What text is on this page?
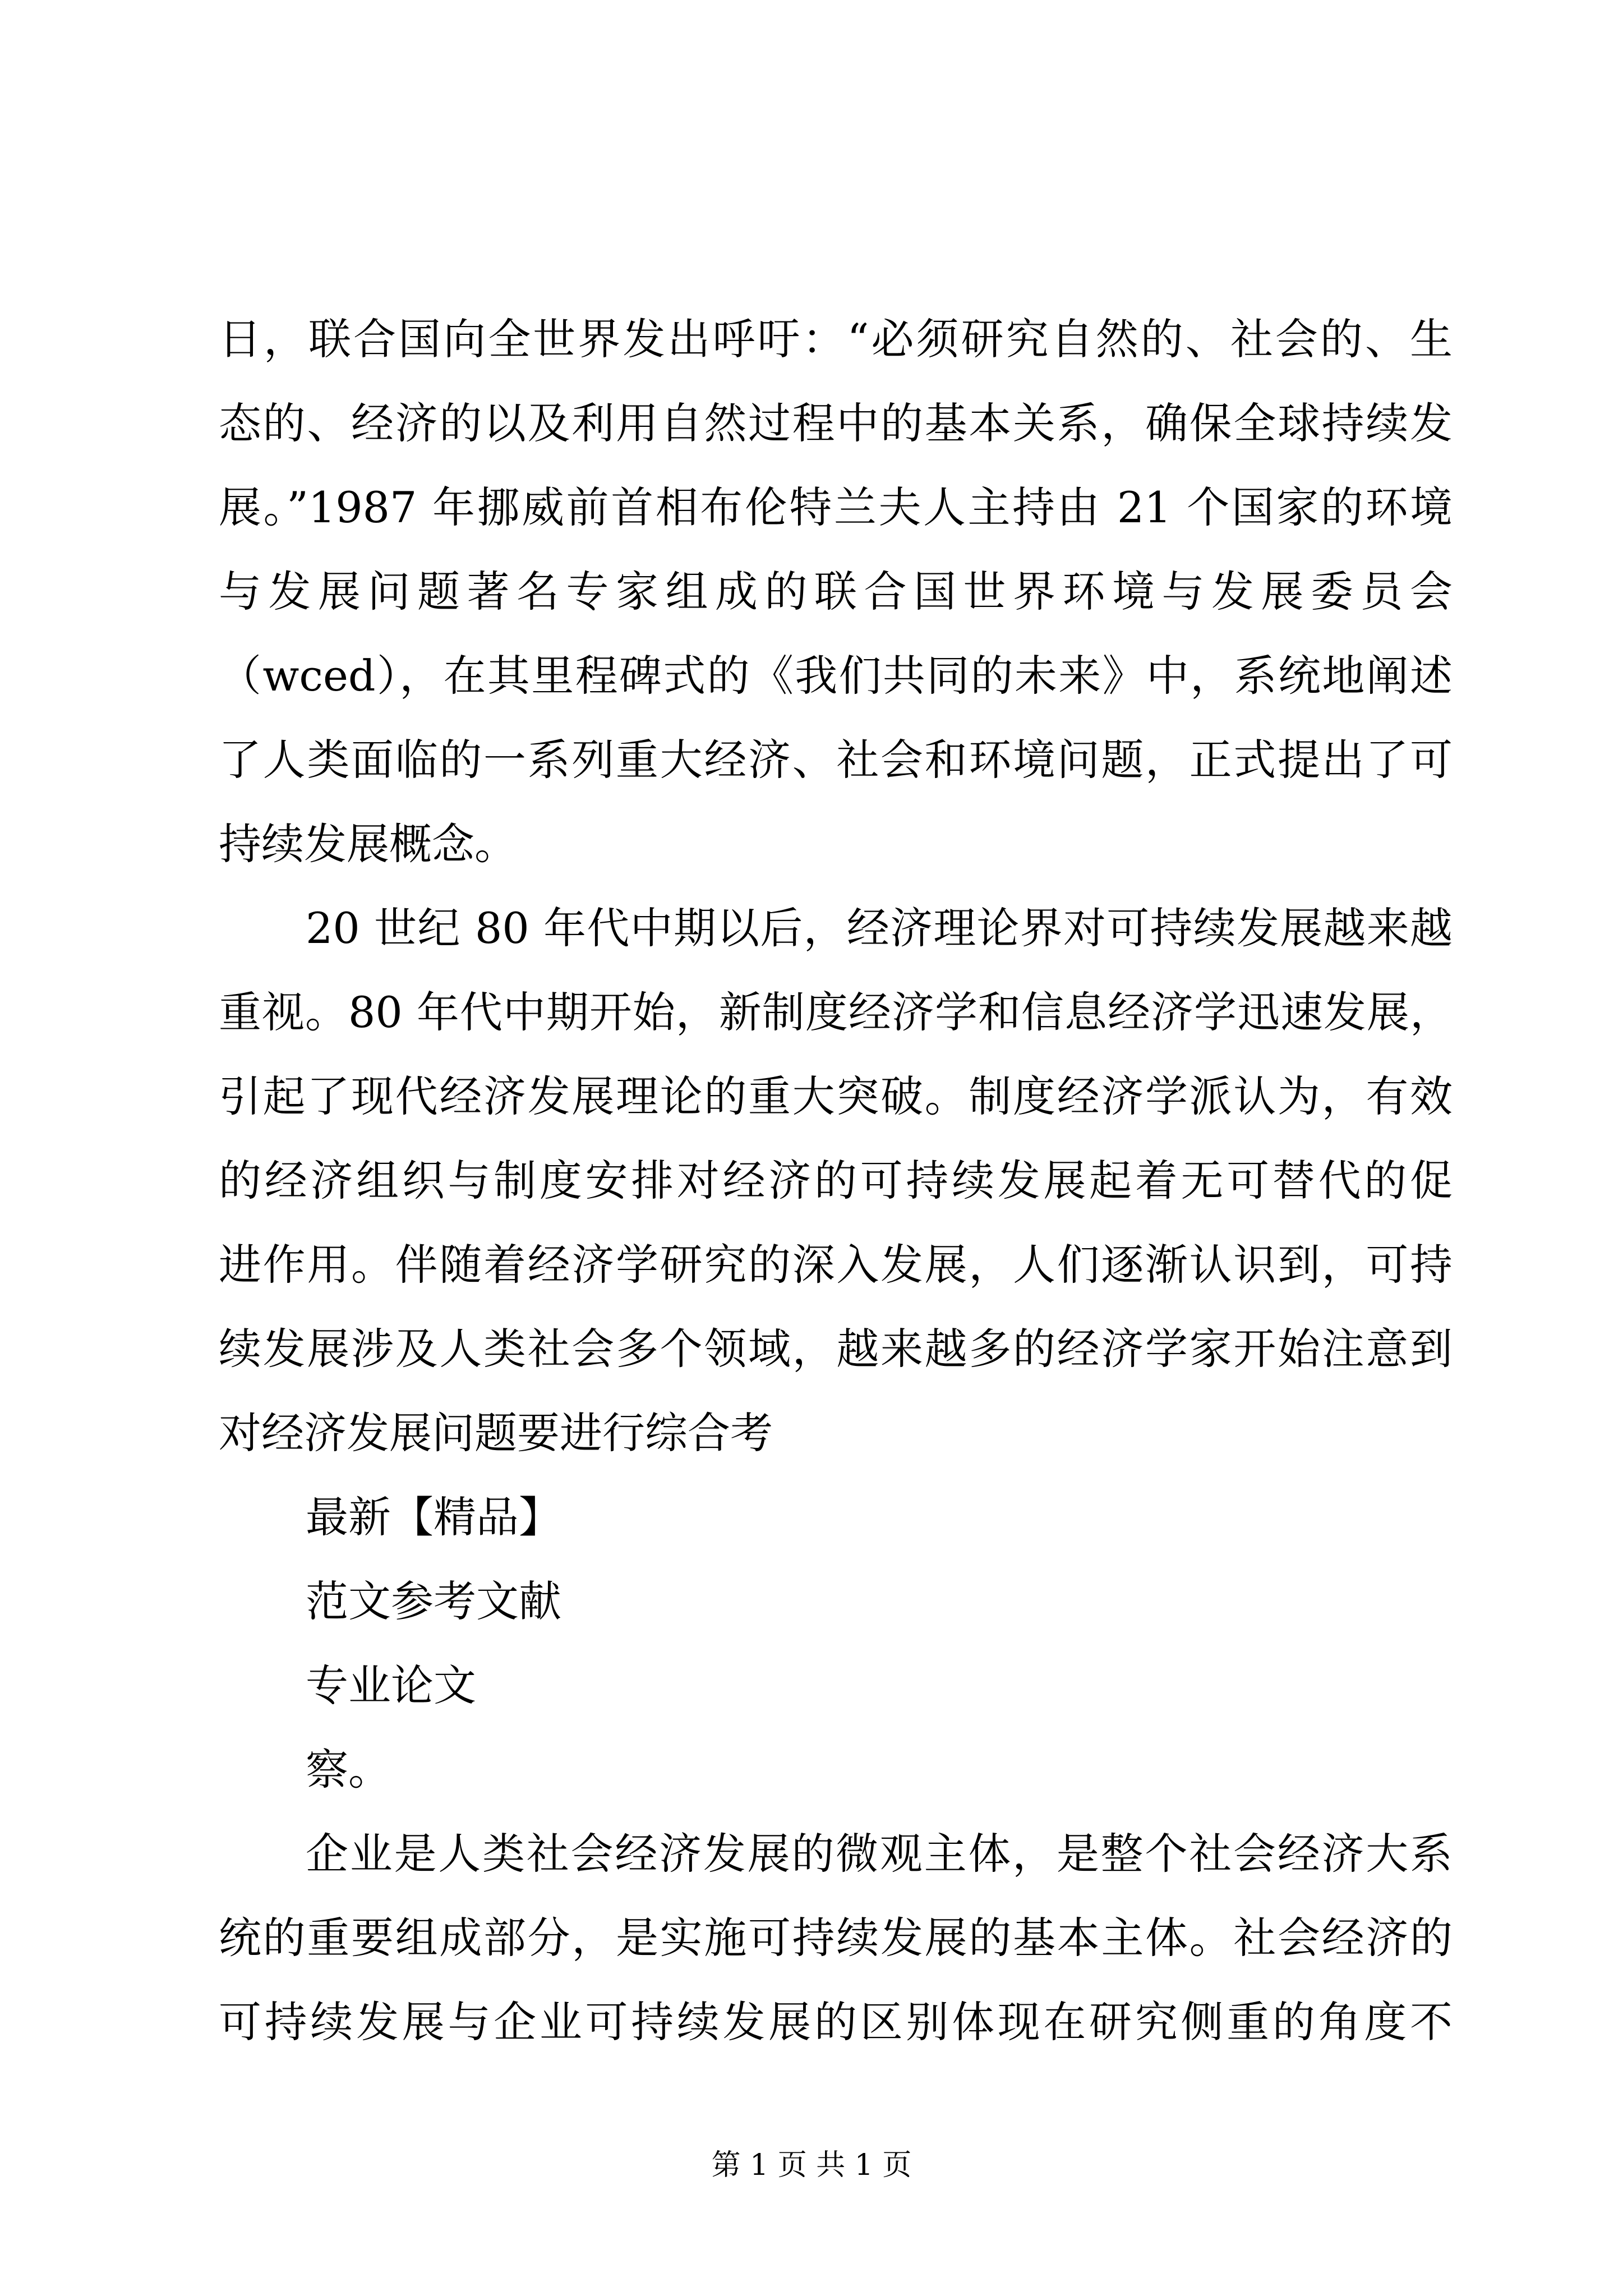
日，联合国向全世界发出呼吁：“必须研究自然的、社会的、生
态的、经济的以及利用自然过程中的基本关系，确保全球持续发
展。”1987 年挪威前首相布伦特兰夫人主持由 21 个国家的环境
与发展问题著名专家组成的联合国世界环境与发展委员会
（wced），在其里程碑式的《我们共同的未来》中，系统地阐述
了人类面临的一系列重大经济、社会和环境问题，正式提出了可
持续发展概念。
20 世纪 80 年代中期以后，经济理论界对可持续发展越来越
重视。80 年代中期开始，新制度经济学和信息经济学迅速发展，
引起了现代经济发展理论的重大突破。制度经济学派认为，有效
的经济组织与制度安排对经济的可持续发展起着无可替代的促
进作用。伴随着经济学研究的深入发展，人们逐渐认识到，可持
续发展涉及人类社会多个领域，越来越多的经济学家开始注意到
对经济发展问题要进行综合考
最新【精品】
范文参考文献
专业论文
察。
企业是人类社会经济发展的微观主体，是整个社会经济大系
统的重要组成部分，是实施可持续发展的基本主体。社会经济的
可持续发展与企业可持续发展的区别体现在研究侧重的角度不
第 1 页 共 1 页
